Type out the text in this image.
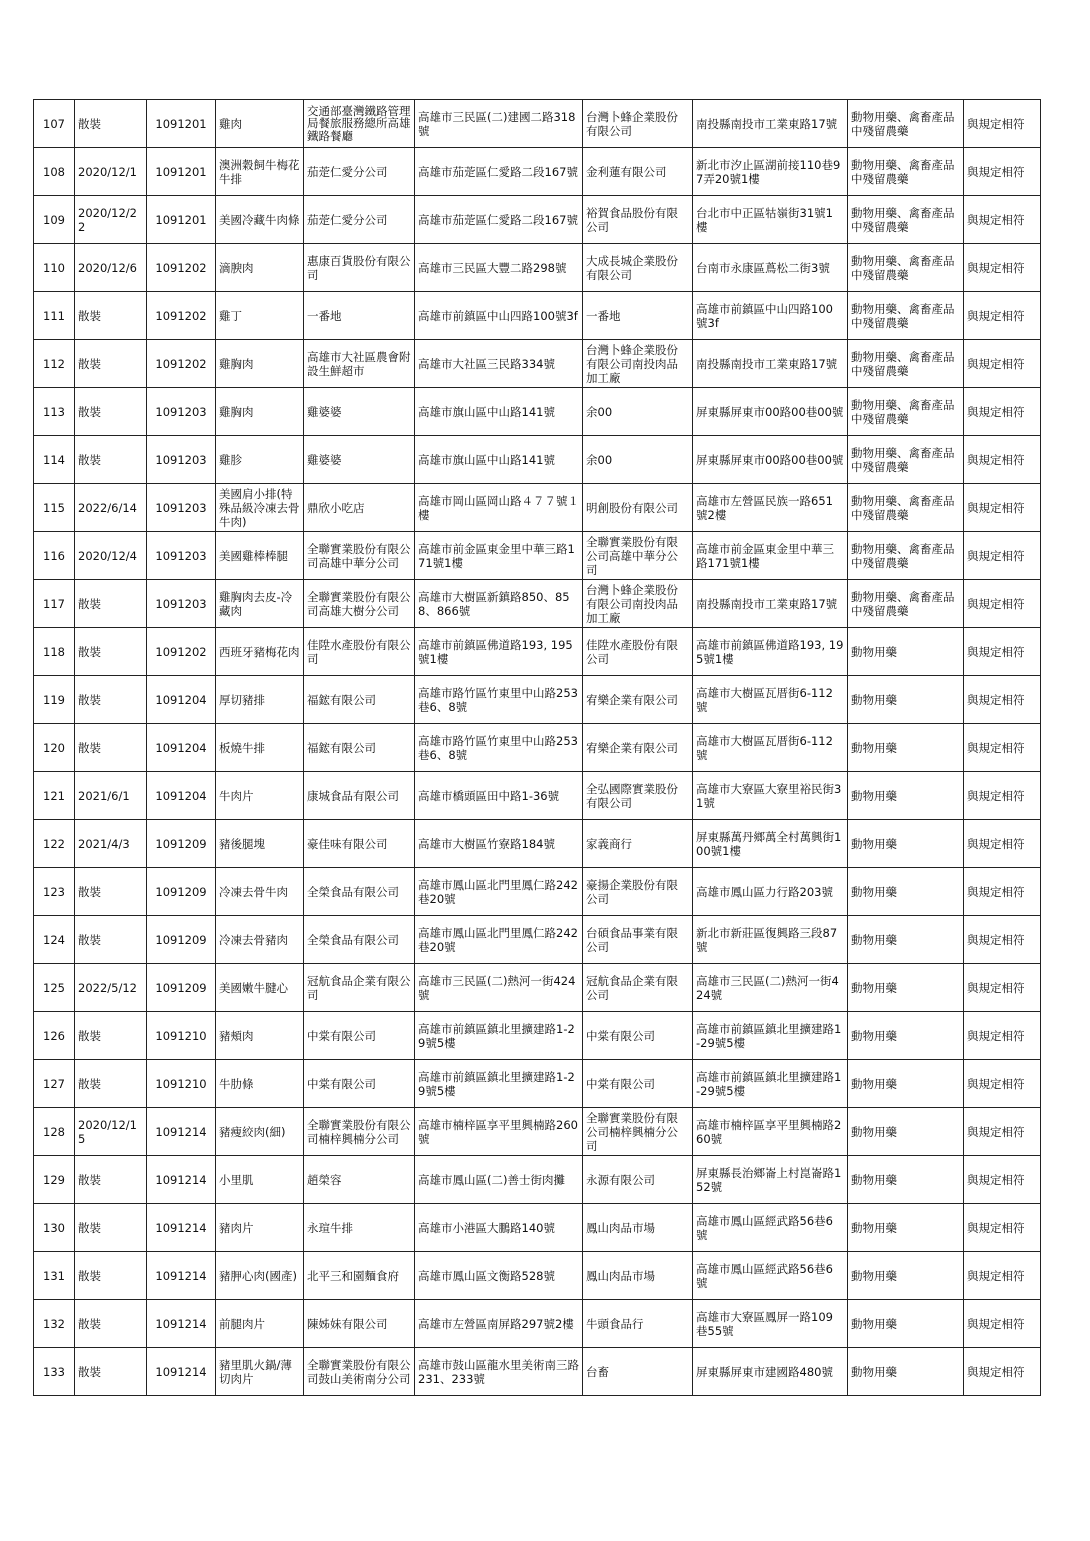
107	散裝	1091201	雞肉	交通部臺灣鐵路管理局餐旅服務總所高雄鐵路餐廳	高雄市三民區(二)建國二路318號	台灣卜蜂企業股份有限公司	南投縣南投市工業東路17號	動物用藥、禽畜產品中殘留農藥	與規定相符
108	2020/12/1	1091201	澳洲穀飼牛梅花牛排	茄萣仁愛分公司	高雄市茄萣區仁愛路二段167號	金利蓮有限公司	新北市汐止區湖前接110巷97弄20號1樓	動物用藥、禽畜產品中殘留農藥	與規定相符
109	2020/12/22	1091201	美國冷藏牛肉條	茄萣仁愛分公司	高雄市茄萣區仁愛路二段167號	裕賀食品股份有限公司	台北市中正區牯嶺街31號1樓	動物用藥、禽畜產品中殘留農藥	與規定相符
110	2020/12/6	1091202	滴腴肉	惠康百貨股份有限公司	高雄市三民區大豐二路298號	大成長城企業股份有限公司	台南市永康區蔦松二街3號	動物用藥、禽畜產品中殘留農藥	與規定相符
111	散裝	1091202	雞丁	一番地	高雄市前鎮區中山四路100號3f	一番地	高雄市前鎮區中山四路100號3f	動物用藥、禽畜產品中殘留農藥	與規定相符
112	散裝	1091202	雞胸肉	高雄市大社區農會附設生鮮超市	高雄市大社區三民路334號	台灣卜蜂企業股份有限公司南投肉品加工廠	南投縣南投市工業東路17號	動物用藥、禽畜產品中殘留農藥	與規定相符
113	散裝	1091203	雞胸肉	雞婆婆	高雄市旗山區中山路141號	余00	屏東縣屏東市00路00巷00號	動物用藥、禽畜產品中殘留農藥	與規定相符
114	散裝	1091203	雞胗	雞婆婆	高雄市旗山區中山路141號	余00	屏東縣屏東市00路00巷00號	動物用藥、禽畜產品中殘留農藥	與規定相符
115	2022/6/14	1091203	美國肩小排(特殊品級冷凍去骨牛肉)	鼎欣小吃店	高雄市岡山區岡山路４７７號１樓	明創股份有限公司	高雄市左營區民族一路651號2樓	動物用藥、禽畜產品中殘留農藥	與規定相符
116	2020/12/4	1091203	美國雞棒棒腿	全聯實業股份有限公司高雄中華分公司	高雄市前金區東金里中華三路171號1樓	全聯實業股份有限公司高雄中華分公司	高雄市前金區東金里中華三路171號1樓	動物用藥、禽畜產品中殘留農藥	與規定相符
117	散裝	1091203	雞胸肉去皮-冷藏肉	全聯實業股份有限公司高雄大樹分公司	高雄市大樹區新鎮路850、858、866號	台灣卜蜂企業股份有限公司南投肉品加工廠	南投縣南投市工業東路17號	動物用藥、禽畜產品中殘留農藥	與規定相符
118	散裝	1091202	西班牙豬梅花肉	佳陞水產股份有限公司	高雄市前鎮區佛道路193, 195號1樓	佳陞水產股份有限公司	高雄市前鎮區佛道路193, 195號1樓	動物用藥	與規定相符
119	散裝	1091204	厚切豬排	福鋐有限公司	高雄市路竹區竹東里中山路253巷6、8號	宥樂企業有限公司	高雄市大樹區瓦厝街6-112號	動物用藥	與規定相符
120	散裝	1091204	板燒牛排	福鋐有限公司	高雄市路竹區竹東里中山路253巷6、8號	宥樂企業有限公司	高雄市大樹區瓦厝街6-112號	動物用藥	與規定相符
121	2021/6/1	1091204	牛肉片	康城食品有限公司	高雄市橋頭區田中路1-36號	全弘國際實業股份有限公司	高雄市大寮區大寮里裕民街31號	動物用藥	與規定相符
122	2021/4/3	1091209	豬後腿塊	豪佳味有限公司	高雄市大樹區竹寮路184號	家義商行	屏東縣萬丹鄉萬全村萬興街100號1樓	動物用藥	與規定相符
123	散裝	1091209	冷凍去骨牛肉	全榮食品有限公司	高雄市鳳山區北門里鳳仁路242巷20號	豪揚企業股份有限公司	高雄市鳳山區力行路203號	動物用藥	與規定相符
124	散裝	1091209	冷凍去骨豬肉	全榮食品有限公司	高雄市鳳山區北門里鳳仁路242巷20號	台碩食品事業有限公司	新北市新莊區復興路三段87號	動物用藥	與規定相符
125	2022/5/12	1091209	美國嫩牛腱心	冠航食品企業有限公司	高雄市三民區(二)熱河一街424號	冠航食品企業有限公司	高雄市三民區(二)熱河一街424號	動物用藥	與規定相符
126	散裝	1091210	豬頰肉	中棠有限公司	高雄市前鎮區鎮北里擴建路1-29號5樓	中棠有限公司	高雄市前鎮區鎮北里擴建路1-29號5樓	動物用藥	與規定相符
127	散裝	1091210	牛肋條	中棠有限公司	高雄市前鎮區鎮北里擴建路1-29號5樓	中棠有限公司	高雄市前鎮區鎮北里擴建路1-29號5樓	動物用藥	與規定相符
128	2020/12/15	1091214	豬瘦絞肉(細)	全聯實業股份有限公司楠梓興楠分公司	高雄市楠梓區享平里興楠路260號	全聯實業股份有限公司楠梓興楠分公司	高雄市楠梓區享平里興楠路260號	動物用藥	與規定相符
129	散裝	1091214	小里肌	趙榮容	高雄市鳳山區(二)善士街肉攤	永源有限公司	屏東縣長治鄉崙上村崑崙路152號	動物用藥	與規定相符
130	散裝	1091214	豬肉片	永瑄牛排	高雄市小港區大鵬路140號	鳳山肉品市場	高雄市鳳山區經武路56巷6號	動物用藥	與規定相符
131	散裝	1091214	豬胛心肉(國產)	北平三和園麵食府	高雄市鳳山區文衡路528號	鳳山肉品市場	高雄市鳳山區經武路56巷6號	動物用藥	與規定相符
132	散裝	1091214	前腿肉片	陳姊妹有限公司	高雄市左營區南屏路297號2樓	牛頭食品行	高雄市大寮區鳳屏一路109巷55號	動物用藥	與規定相符
133	散裝	1091214	豬里肌火鍋/薄切肉片	全聯實業股份有限公司鼓山美術南分公司	高雄市鼓山區龍水里美術南三路231、233號	台畜	屏東縣屏東市建國路480號	動物用藥	與規定相符
